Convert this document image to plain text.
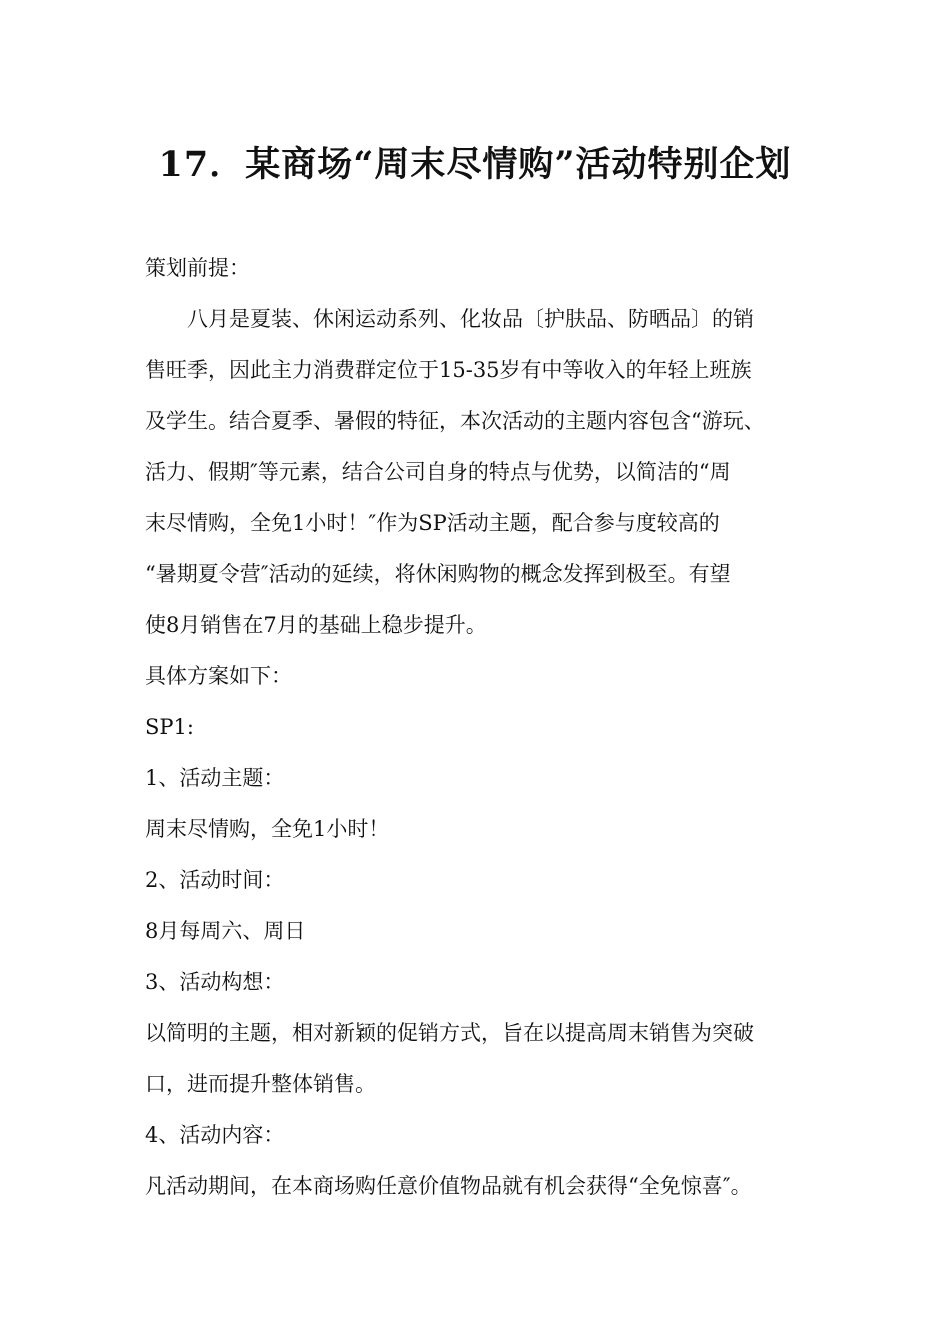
17．某商场“周末尽情购”活动特别企划
策划前提：
八月是夏装、休闲运动系列、化妆品〔护肤品、防晒品〕的销
售旺季，因此主力消费群定位于15-35岁有中等收入的年轻上班族
及学生。结合夏季、暑假的特征，本次活动的主题内容包含“游玩、
活力、假期″等元素，结合公司自身的特点与优势，以简洁的“周
末尽情购，全免1小时！″作为SP活动主题，配合参与度较高的
“暑期夏令营″活动的延续，将休闲购物的概念发挥到极至。有望
使8月销售在7月的基础上稳步提升。
具体方案如下：
SP1:
1、活动主题：
周末尽情购，全免1小时！
2、活动时间：
8月每周六、周日
3、活动构想：
以简明的主题，相对新颖的促销方式，旨在以提高周末销售为突破
口，进而提升整体销售。
4、活动内容：
凡活动期间，在本商场购任意价值物品就有机会获得“全免惊喜″。
